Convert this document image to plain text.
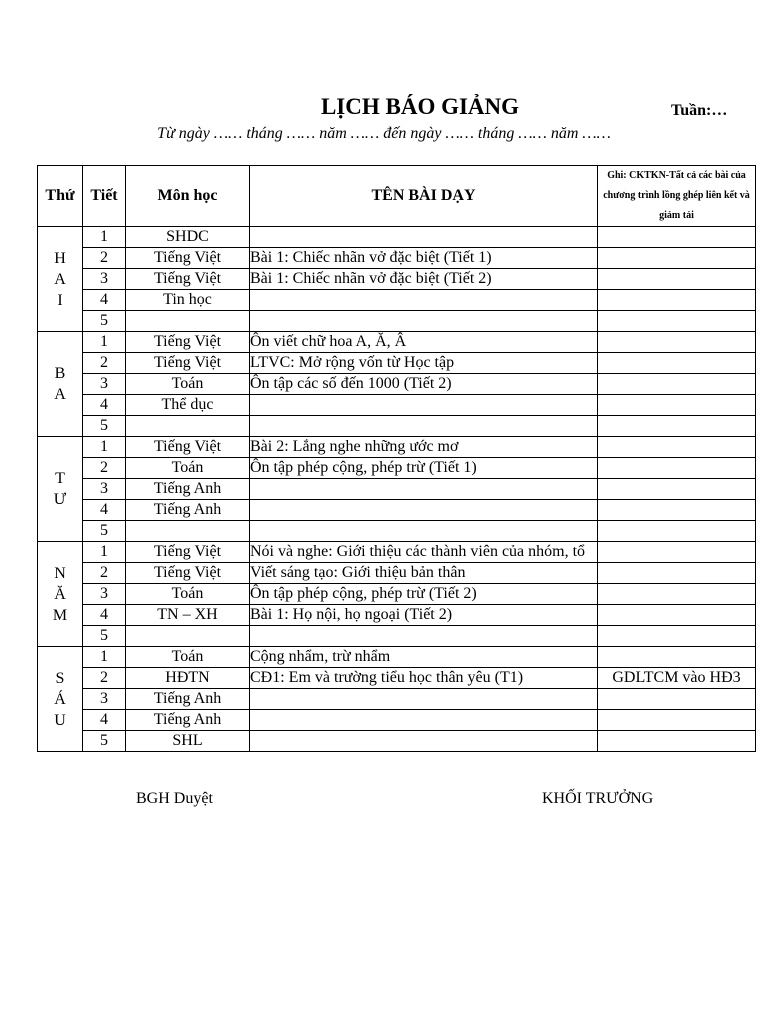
LỊCH BÁO GIẢNG	Tuần:…
Từ ngày …… tháng …… năm …… đến ngày …… tháng …… năm ……
Thứ	Tiết	Môn học	TÊN BÀI DẠY	Ghi: CKTKN-Tất cả các bài của chương trình lồng ghép liên kết và giảm tải

H
A
I	1	SHDC		
	2	Tiếng Việt	Bài 1: Chiếc nhãn vở đặc biệt (Tiết 1)	
	3	Tiếng Việt	Bài 1: Chiếc nhãn vở đặc biệt (Tiết 2)	
	4	Tin học		
	5			

B
A	1	Tiếng Việt	Ôn viết chữ hoa A, Ă, Â	
	2	Tiếng Việt	LTVC: Mở rộng vốn từ Học tập	
	3	Toán	Ôn tập các số đến 1000 (Tiết 2)	
	4	Thể dục		
	5			

T
Ư	1	Tiếng Việt	Bài 2: Lắng nghe những ước mơ	
	2	Toán	Ôn tập phép cộng, phép trừ (Tiết 1)	
	3	Tiếng Anh		
	4	Tiếng Anh		
	5			

N
Ă
M	1	Tiếng Việt	Nói và nghe: Giới thiệu các thành viên của nhóm, tổ	
	2	Tiếng Việt	Viết sáng tạo: Giới thiệu bản thân	
	3	Toán	Ôn tập phép cộng, phép trừ (Tiết 2)	
	4	TN – XH	Bài 1: Họ nội, họ ngoại (Tiết 2)	
	5			

S
Á
U	1	Toán	Cộng nhẩm, trừ nhẩm	
	2	HĐTN	CĐ1: Em và trường tiểu học thân yêu (T1)	GDLTCM vào HĐ3
	3	Tiếng Anh		
	4	Tiếng Anh		
	5	SHL		
BGH Duyệt	KHỐI TRƯỞNG
